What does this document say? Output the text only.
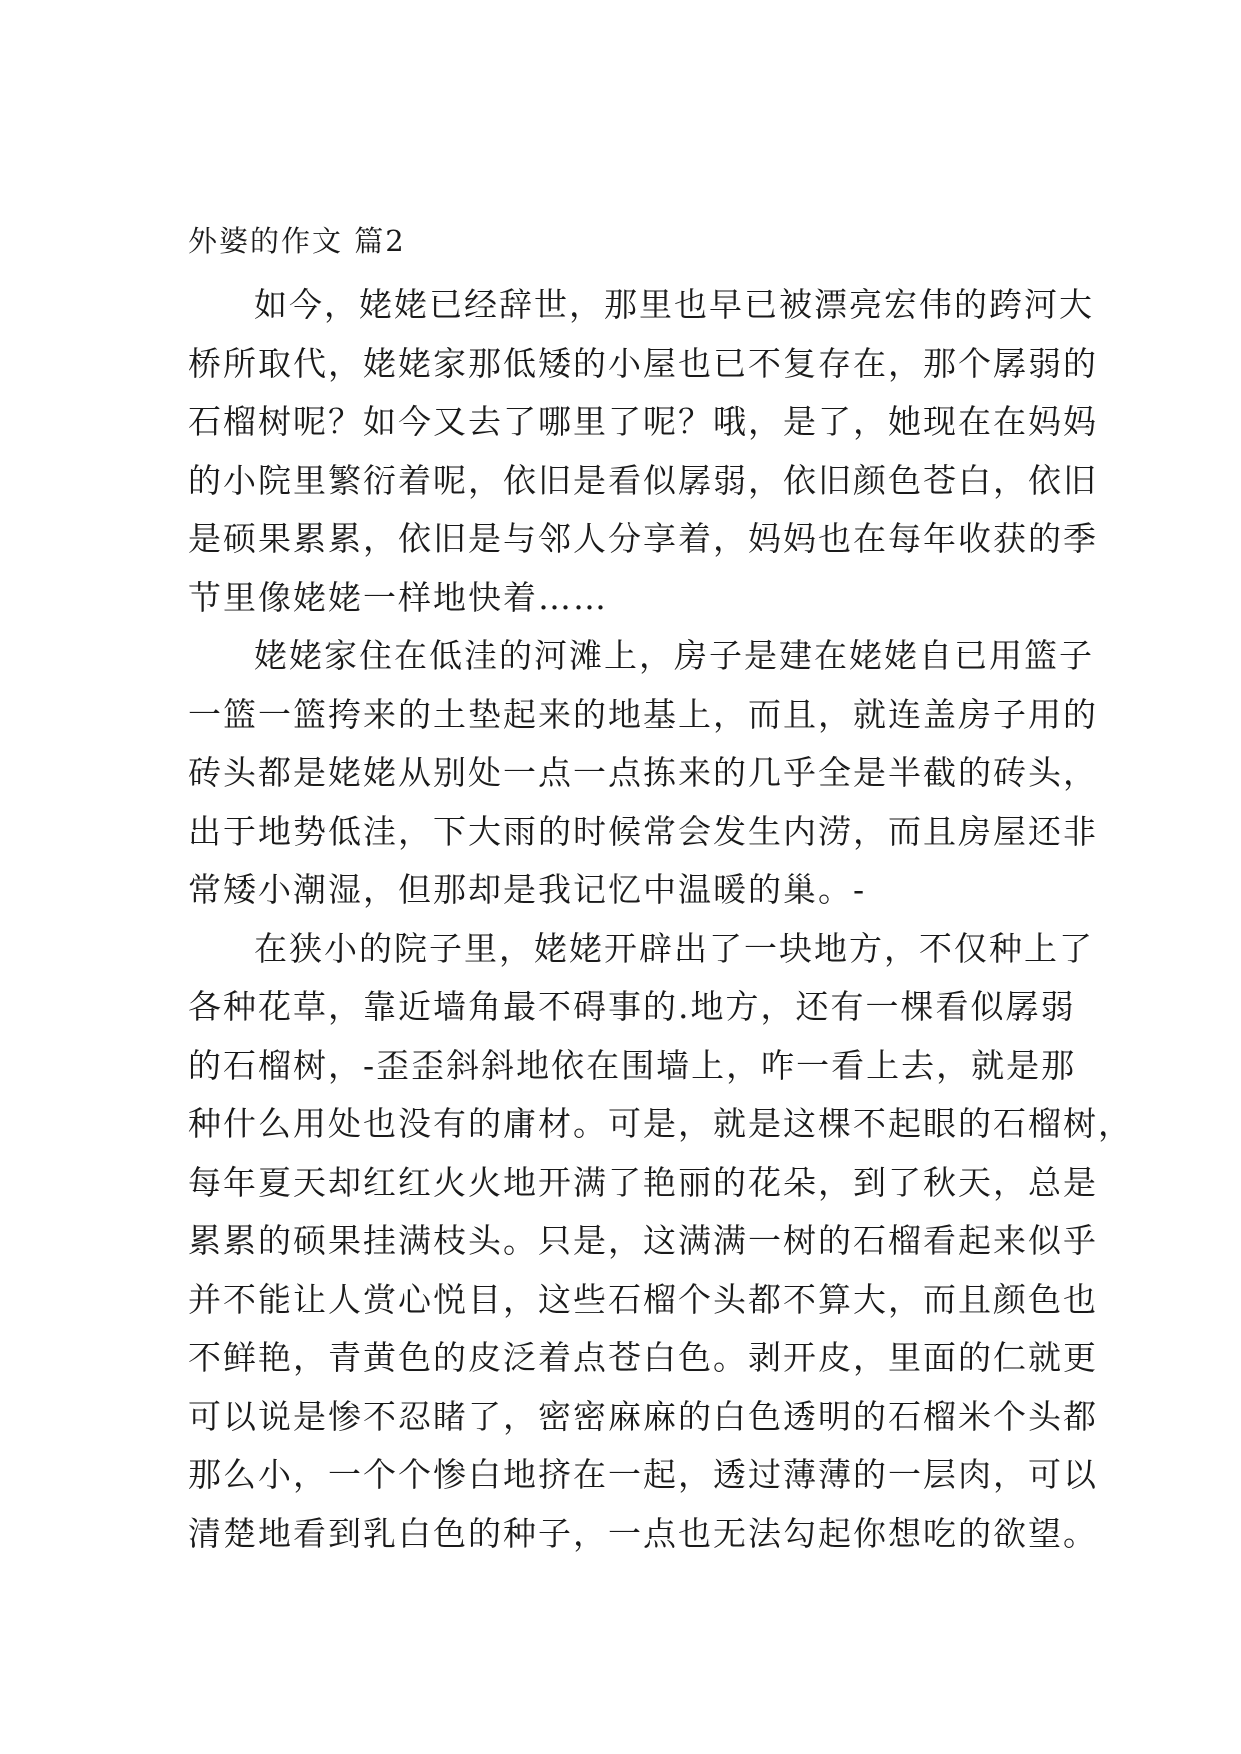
外婆的作文 篇2
如今，姥姥已经辞世，那里也早已被漂亮宏伟的跨河大
桥所取代，姥姥家那低矮的小屋也已不复存在，那个孱弱的
石榴树呢？如今又去了哪里了呢？哦，是了，她现在在妈妈
的小院里繁衍着呢，依旧是看似孱弱，依旧颜色苍白，依旧
是硕果累累，依旧是与邻人分享着，妈妈也在每年收获的季
节里像姥姥一样地快着……
姥姥家住在低洼的河滩上，房子是建在姥姥自已用篮子
一篮一篮挎来的土垫起来的地基上，而且，就连盖房子用的
砖头都是姥姥从别处一点一点拣来的几乎全是半截的砖头，
出于地势低洼，下大雨的时候常会发生内涝，而且房屋还非
常矮小潮湿，但那却是我记忆中温暖的巢。-
在狭小的院子里，姥姥开辟出了一块地方，不仅种上了
各种花草，靠近墙角最不碍事的.地方，还有一棵看似孱弱
的石榴树，-歪歪斜斜地依在围墙上，咋一看上去，就是那
种什么用处也没有的庸材。可是，就是这棵不起眼的石榴树，
每年夏天却红红火火地开满了艳丽的花朵，到了秋天，总是
累累的硕果挂满枝头。只是，这满满一树的石榴看起来似乎
并不能让人赏心悦目，这些石榴个头都不算大，而且颜色也
不鲜艳，青黄色的皮泛着点苍白色。剥开皮，里面的仁就更
可以说是惨不忍睹了，密密麻麻的白色透明的石榴米个头都
那么小，一个个惨白地挤在一起，透过薄薄的一层肉，可以
清楚地看到乳白色的种子，一点也无法勾起你想吃的欲望。
